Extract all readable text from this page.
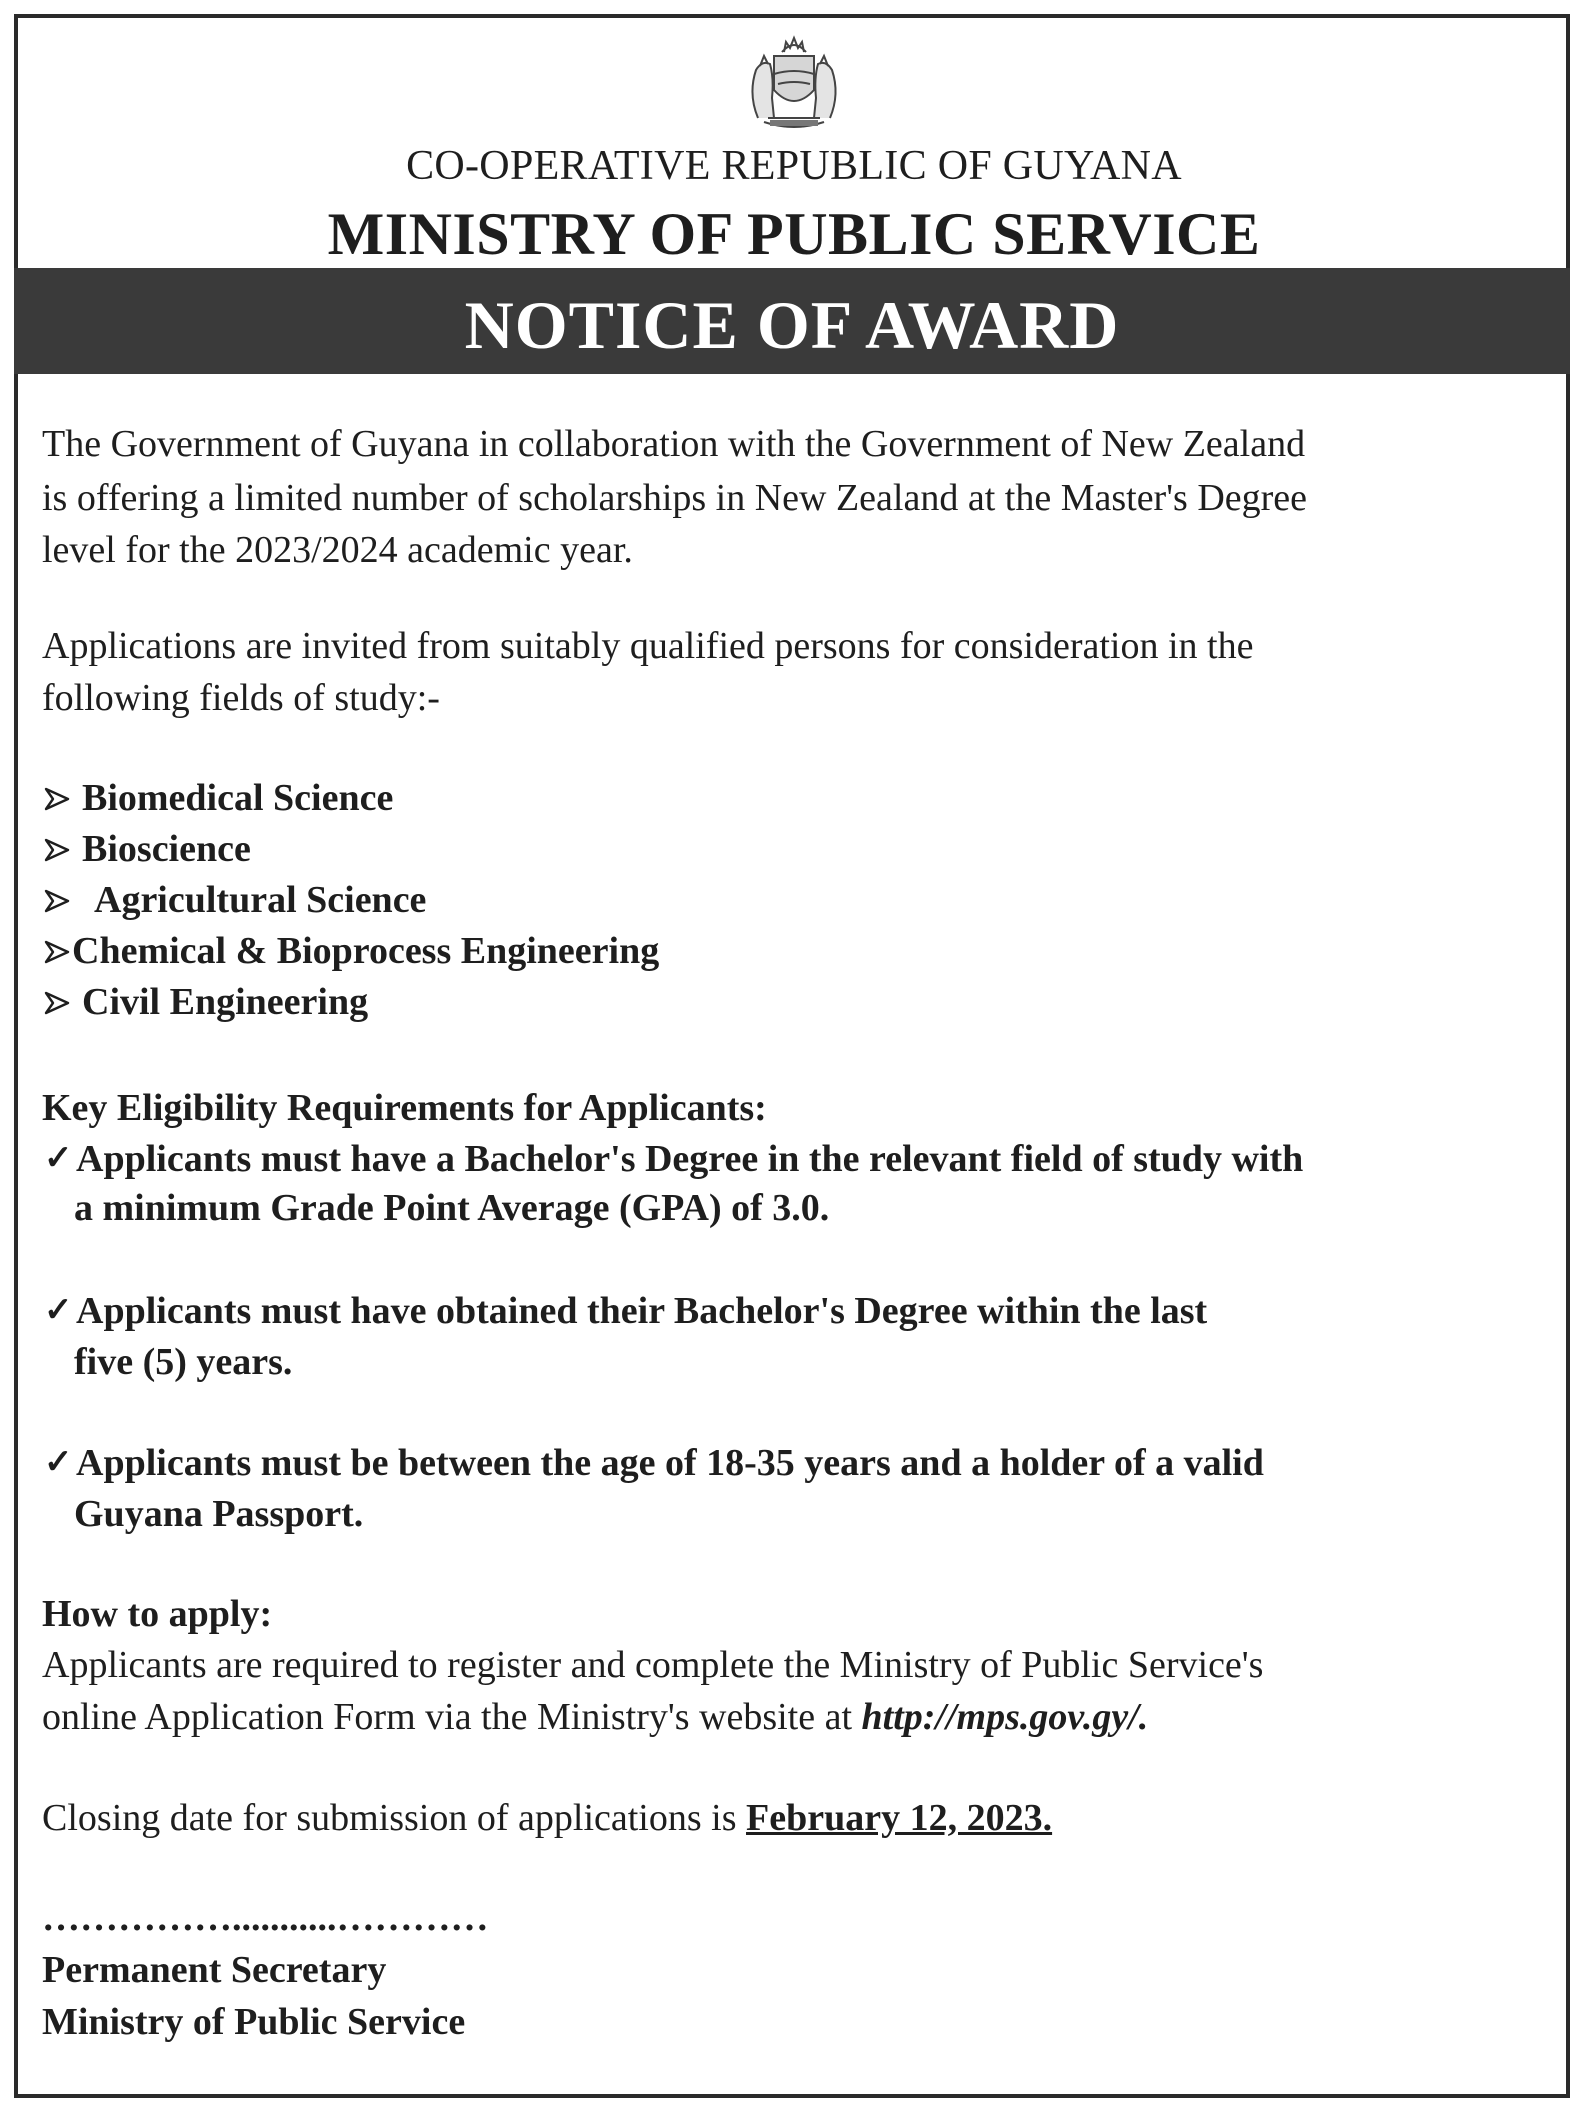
CO-OPERATIVE REPUBLIC OF GUYANA
MINISTRY OF PUBLIC SERVICE
NOTICE OF AWARD
The Government of Guyana in collaboration with the Government of New Zealand
is offering a limited number of scholarships in New Zealand at the Master's Degree
level for the 2023/2024 academic year.
Applications are invited from suitably qualified persons for consideration in the
following fields of study:-
Biomedical Science
Bioscience
Agricultural Science
Chemical & Bioprocess Engineering
Civil Engineering
Key Eligibility Requirements for Applicants:
✓ Applicants must have a Bachelor's Degree in the relevant field of study with
a minimum Grade Point Average (GPA) of 3.0.
✓ Applicants must have obtained their Bachelor's Degree within the last
five (5) years.
✓ Applicants must be between the age of 18-35 years and a holder of a valid
Guyana Passport.
How to apply:
Applicants are required to register and complete the Ministry of Public Service's
online Application Form via the Ministry's website at http://mps.gov.gy/.
Closing date for submission of applications is February 12, 2023.
……………...........…………
Permanent Secretary
Ministry of Public Service
